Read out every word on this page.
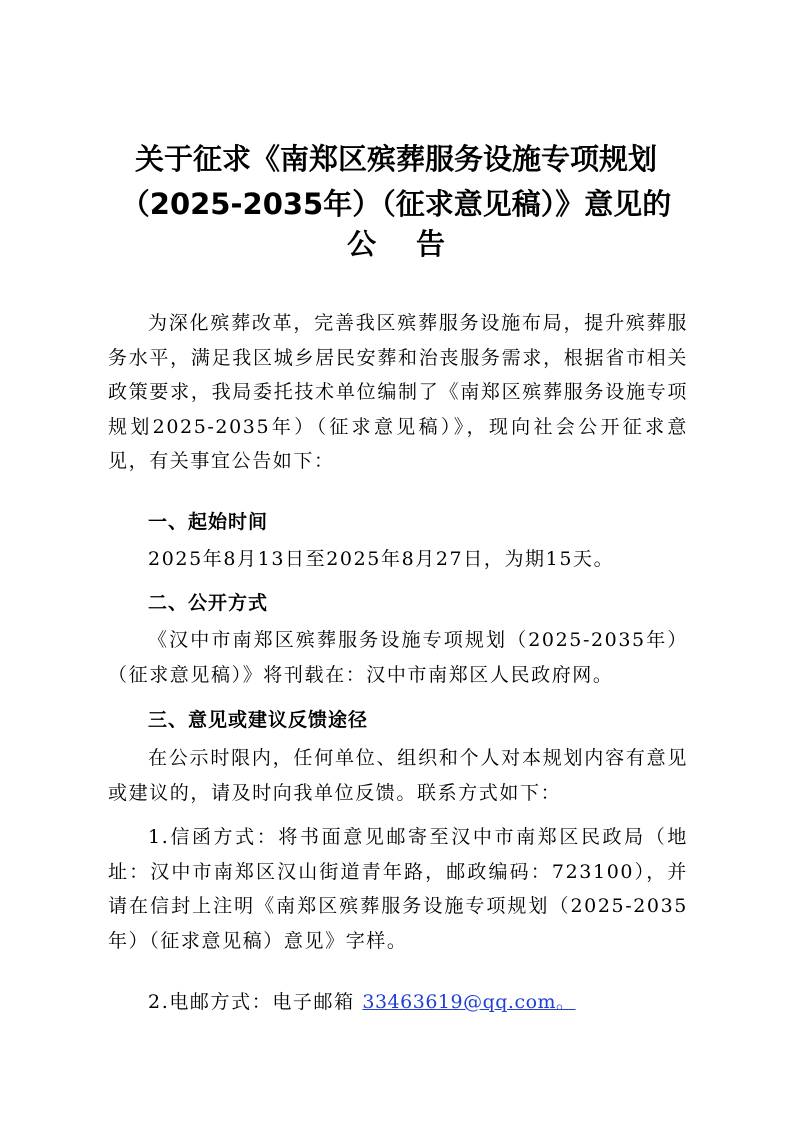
关于征求《南郑区殡葬服务设施专项规划
（2025-2035年）（征求意见稿）》意见的
公告
为深化殡葬改革，完善我区殡葬服务设施布局，提升殡葬服务水平，满足我区城乡居民安葬和治丧服务需求，根据省市相关政策要求，我局委托技术单位编制了《南郑区殡葬服务设施专项规划2025-2035年）（征求意见稿）》，现向社会公开征求意见，有关事宜公告如下：
一、起始时间
2025年8月13日至2025年8月27日，为期15天。
二、公开方式
《汉中市南郑区殡葬服务设施专项规划（2025-2035年）（征求意见稿）》将刊载在：汉中市南郑区人民政府网。
三、意见或建议反馈途径
在公示时限内，任何单位、组织和个人对本规划内容有意见或建议的，请及时向我单位反馈。联系方式如下：
1.信函方式：将书面意见邮寄至汉中市南郑区民政局（地址：汉中市南郑区汉山街道青年路，邮政编码：723100），并请在信封上注明《南郑区殡葬服务设施专项规划（2025-2035年）（征求意见稿）意见》字样。
2.电邮方式：电子邮箱 33463619@qq.com。
